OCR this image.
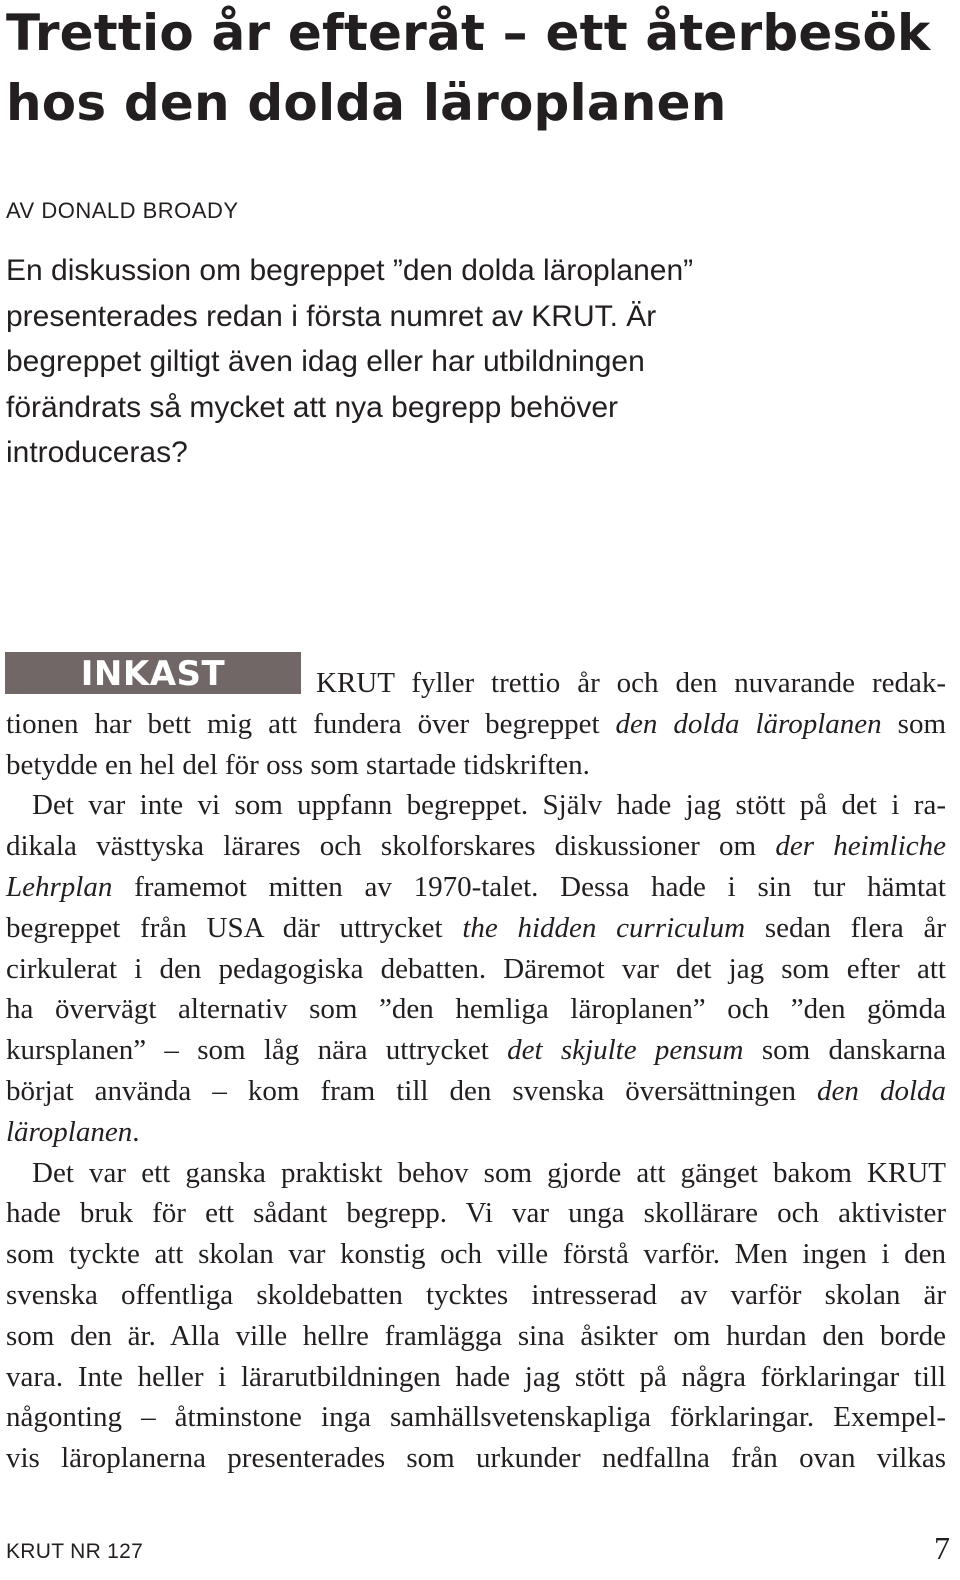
Trettio år efteråt – ett återbesök
hos den dolda läroplanen

AV DONALD BROADY

En diskussion om begreppet ”den dolda läroplanen”
presenterades redan i första numret av KRUT. Är
begreppet giltigt även idag eller har utbildningen
förändrats så mycket att nya begrepp behöver
introduceras?
INKAST	KRUT fyller trettio år och den nuvarande redak-
tionen har bett mig att fundera över begreppet den dolda läroplanen som
betydde en hel del för oss som startade tidskriften.
Det var inte vi som uppfann begreppet. Själv hade jag stött på det i ra-
dikala västtyska lärares och skolforskares diskussioner om der heimliche
Lehrplan framemot mitten av 1970-talet. Dessa hade i sin tur hämtat
begreppet från USA där uttrycket the hidden curriculum sedan flera år
cirkulerat i den pedagogiska debatten. Däremot var det jag som efter att
ha övervägt alternativ som ”den hemliga läroplanen” och ”den gömda
kursplanen” – som låg nära uttrycket det skjulte pensum som danskarna
börjat använda – kom fram till den svenska översättningen den dolda
läroplanen.
Det var ett ganska praktiskt behov som gjorde att gänget bakom KRUT
hade bruk för ett sådant begrepp. Vi var unga skollärare och aktivister
som tyckte att skolan var konstig och ville förstå varför. Men ingen i den
svenska offentliga skoldebatten tycktes intresserad av varför skolan är
som den är. Alla ville hellre framlägga sina åsikter om hurdan den borde
vara. Inte heller i lärarutbildningen hade jag stött på några förklaringar till
någonting – åtminstone inga samhällsvetenskapliga förklaringar. Exempel-
vis läroplanerna presenterades som urkunder nedfallna från ovan vilkas

KRUT NR 127	7
